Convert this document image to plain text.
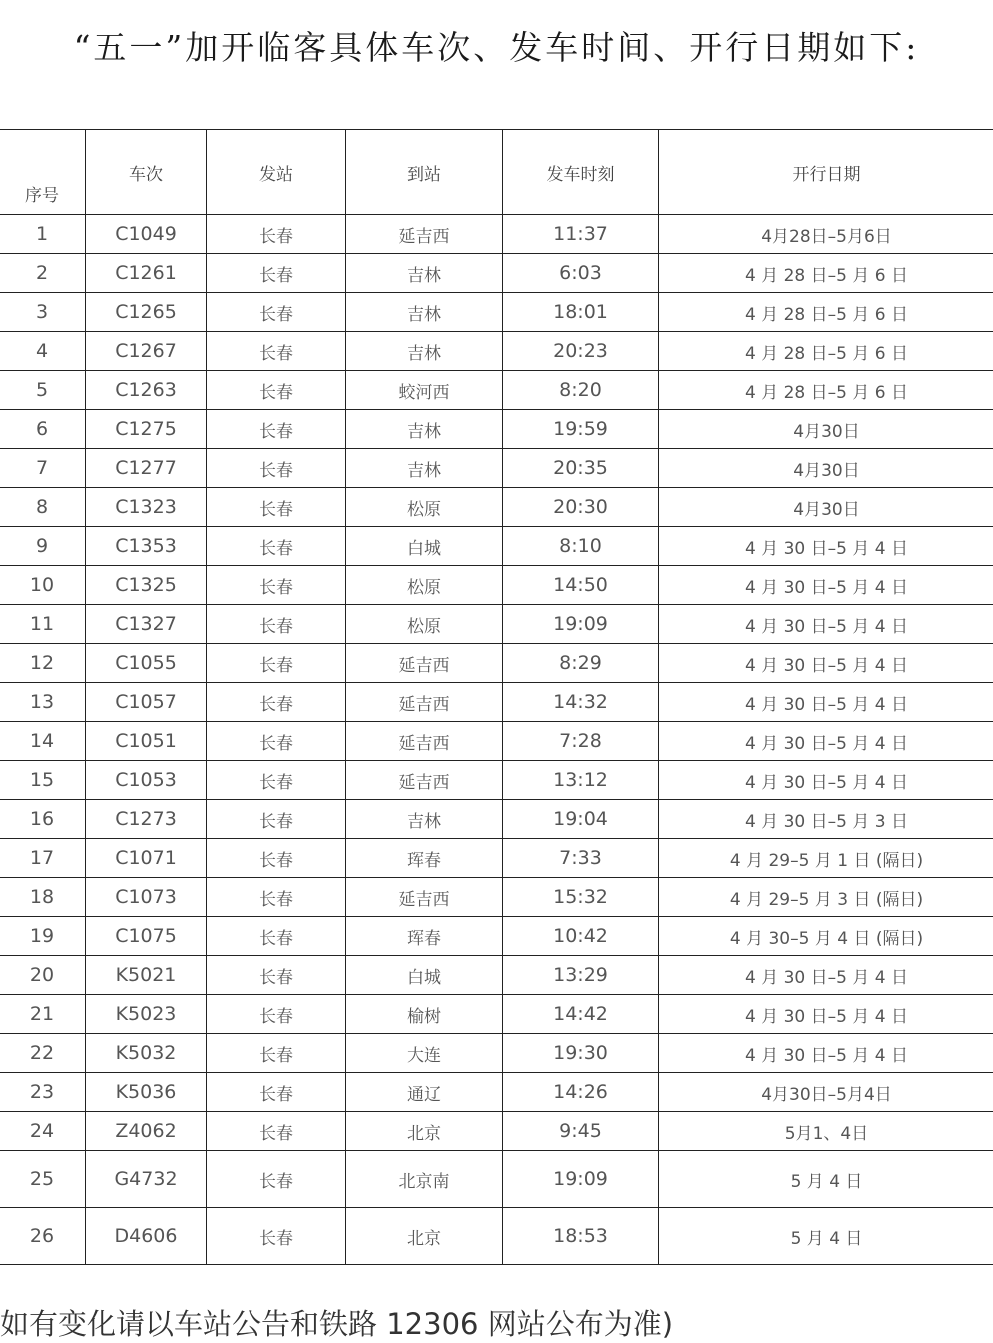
“五一”加开临客具体车次、发车时间、开行日期如下:
序号	车次	发站	到站	发车时刻	开行日期
1	C1049	长春	延吉西	11:37	4月28日–5月6日
2	C1261	长春	吉林	6:03	4 月 28 日–5 月 6 日
3	C1265	长春	吉林	18:01	4 月 28 日–5 月 6 日
4	C1267	长春	吉林	20:23	4 月 28 日–5 月 6 日
5	C1263	长春	蛟河西	8:20	4 月 28 日–5 月 6 日
6	C1275	长春	吉林	19:59	4月30日
7	C1277	长春	吉林	20:35	4月30日
8	C1323	长春	松原	20:30	4月30日
9	C1353	长春	白城	8:10	4 月 30 日–5 月 4 日
10	C1325	长春	松原	14:50	4 月 30 日–5 月 4 日
11	C1327	长春	松原	19:09	4 月 30 日–5 月 4 日
12	C1055	长春	延吉西	8:29	4 月 30 日–5 月 4 日
13	C1057	长春	延吉西	14:32	4 月 30 日–5 月 4 日
14	C1051	长春	延吉西	7:28	4 月 30 日–5 月 4 日
15	C1053	长春	延吉西	13:12	4 月 30 日–5 月 4 日
16	C1273	长春	吉林	19:04	4 月 30 日–5 月 3 日
17	C1071	长春	珲春	7:33	4 月 29–5 月 1 日 (隔日)
18	C1073	长春	延吉西	15:32	4 月 29–5 月 3 日 (隔日)
19	C1075	长春	珲春	10:42	4 月 30–5 月 4 日 (隔日)
20	K5021	长春	白城	13:29	4 月 30 日–5 月 4 日
21	K5023	长春	榆树	14:42	4 月 30 日–5 月 4 日
22	K5032	长春	大连	19:30	4 月 30 日–5 月 4 日
23	K5036	长春	通辽	14:26	4月30日–5月4日
24	Z4062	长春	北京	9:45	5月1、4日
25	G4732	长春	北京南	19:09	5 月 4 日
26	D4606	长春	北京	18:53	5 月 4 日
如有变化请以车站公告和铁路 12306 网站公布为准)
